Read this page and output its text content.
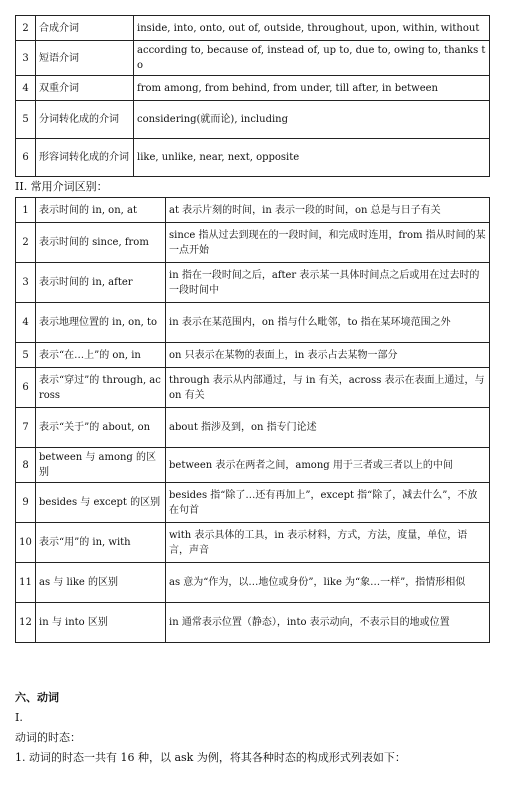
2	合成介词	inside, into, onto, out of, outside, throughout, upon, within, without
3	短语介词	according to, because of, instead of, up to, due to, owing to, thanks to
4	双重介词	from among, from behind, from under, till after, in between
5	分词转化成的介词	considering(就而论), including
6	形容词转化成的介词	like, unlike, near, next, opposite
II. 常用介词区别：
1	表示时间的 in, on, at	at 表示片刻的时间，in 表示一段的时间，on 总是与日子有关
2	表示时间的 since, from	since 指从过去到现在的一段时间，和完成时连用，from 指从时间的某一点开始
3	表示时间的 in, after	in 指在一段时间之后，after 表示某一具体时间点之后或用在过去时的一段时间中
4	表示地理位置的 in, on, to	in 表示在某范围内，on 指与什么毗邻，to 指在某环境范围之外
5	表示“在…上”的 on, in	on 只表示在某物的表面上，in 表示占去某物一部分
6	表示“穿过”的 through, across	through 表示从内部通过，与 in 有关，across 表示在表面上通过，与 on 有关
7	表示“关于”的 about, on	about 指涉及到，on 指专门论述
8	between 与 among 的区别	between 表示在两者之间，among 用于三者或三者以上的中间
9	besides 与 except 的区别	besides 指“除了…还有再加上”，except 指“除了，减去什么”，不放在句首
10	表示“用”的 in, with	with 表示具体的工具，in 表示材料，方式，方法，度量，单位，语言，声音
11	as 与 like 的区别	as 意为“作为，以…地位或身份”，like 为“象…一样”，指情形相似
12	in 与 into 区别	in 通常表示位置（静态），into 表示动向，不表示目的地或位置
六、动词
I.
动词的时态：
1. 动词的时态一共有 16 种，以 ask 为例，将其各种时态的构成形式列表如下：
